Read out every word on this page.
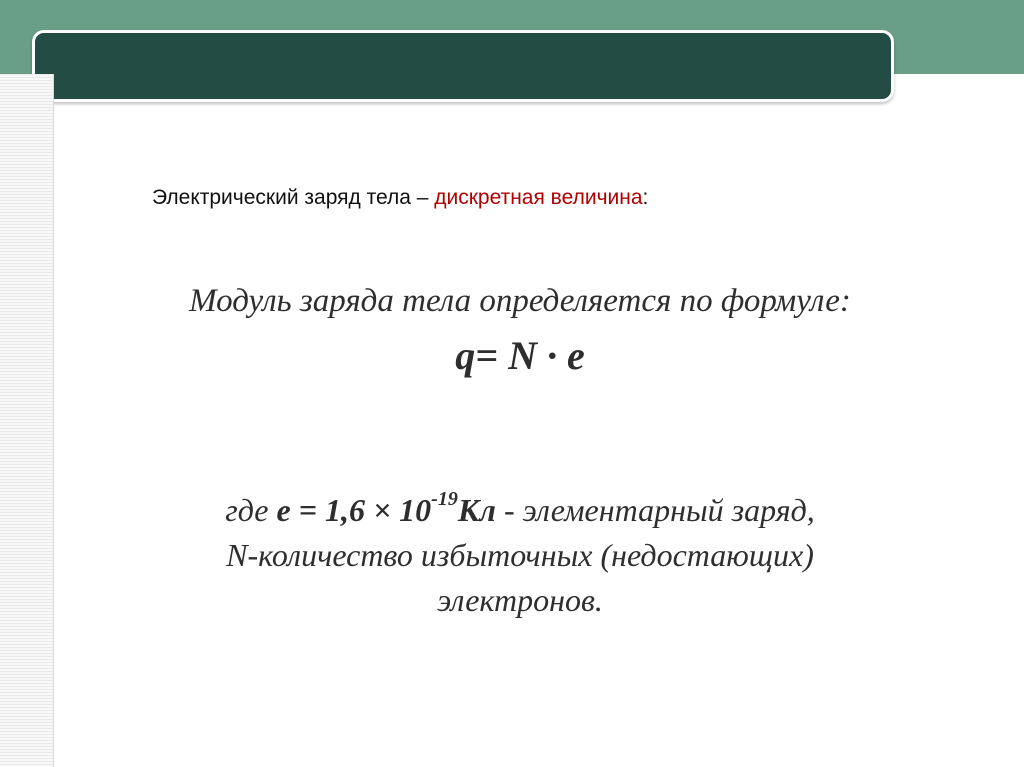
Электрический заряд тела – дискретная величина:
Модуль заряда тела определяется по формуле:
q= N · e
где $e = 1,6 \times 10^{-19}Кл$ - элементарный заряд,
N-количество избыточных (недостающих)
электронов.
